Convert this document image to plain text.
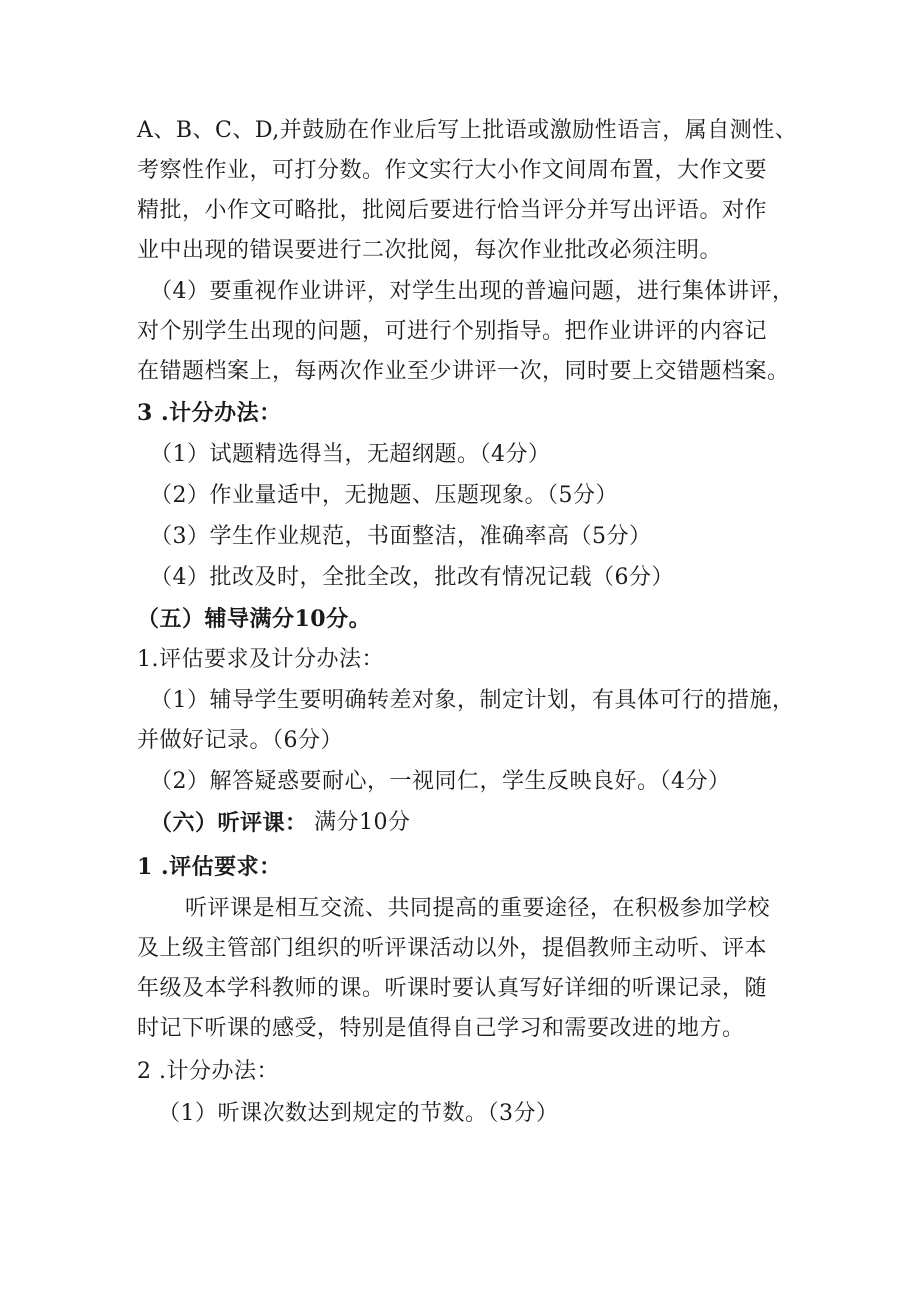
A、B、C、D,并鼓励在作业后写上批语或激励性语言，属自测性、
考察性作业，可打分数。作文实行大小作文间周布置，大作文要
精批，小作文可略批，批阅后要进行恰当评分并写出评语。对作
业中出现的错误要进行二次批阅，每次作业批改必须注明。
（4）要重视作业讲评，对学生出现的普遍问题，进行集体讲评，
对个别学生出现的问题，可进行个别指导。把作业讲评的内容记
在错题档案上，每两次作业至少讲评一次，同时要上交错题档案。
3 .计分办法：
（1）试题精选得当，无超纲题。（4分）
（2）作业量适中，无抛题、压题现象。（5分）
（3）学生作业规范，书面整洁，准确率高（5分）
（4）批改及时，全批全改，批改有情况记载（6分）
（五）辅导满分10分。
1.评估要求及计分办法：
（1）辅导学生要明确转差对象，制定计划，有具体可行的措施，
并做好记录。（6分）
（2）解答疑惑要耐心，一视同仁，学生反映良好。（4分）
（六）听评课： 满分10分
1 .评估要求：
听评课是相互交流、共同提高的重要途径，在积极参加学校
及上级主管部门组织的听评课活动以外，提倡教师主动听、评本
年级及本学科教师的课。听课时要认真写好详细的听课记录，随
时记下听课的感受，特别是值得自己学习和需要改进的地方。
2 .计分办法：
（1）听课次数达到规定的节数。（3分）
